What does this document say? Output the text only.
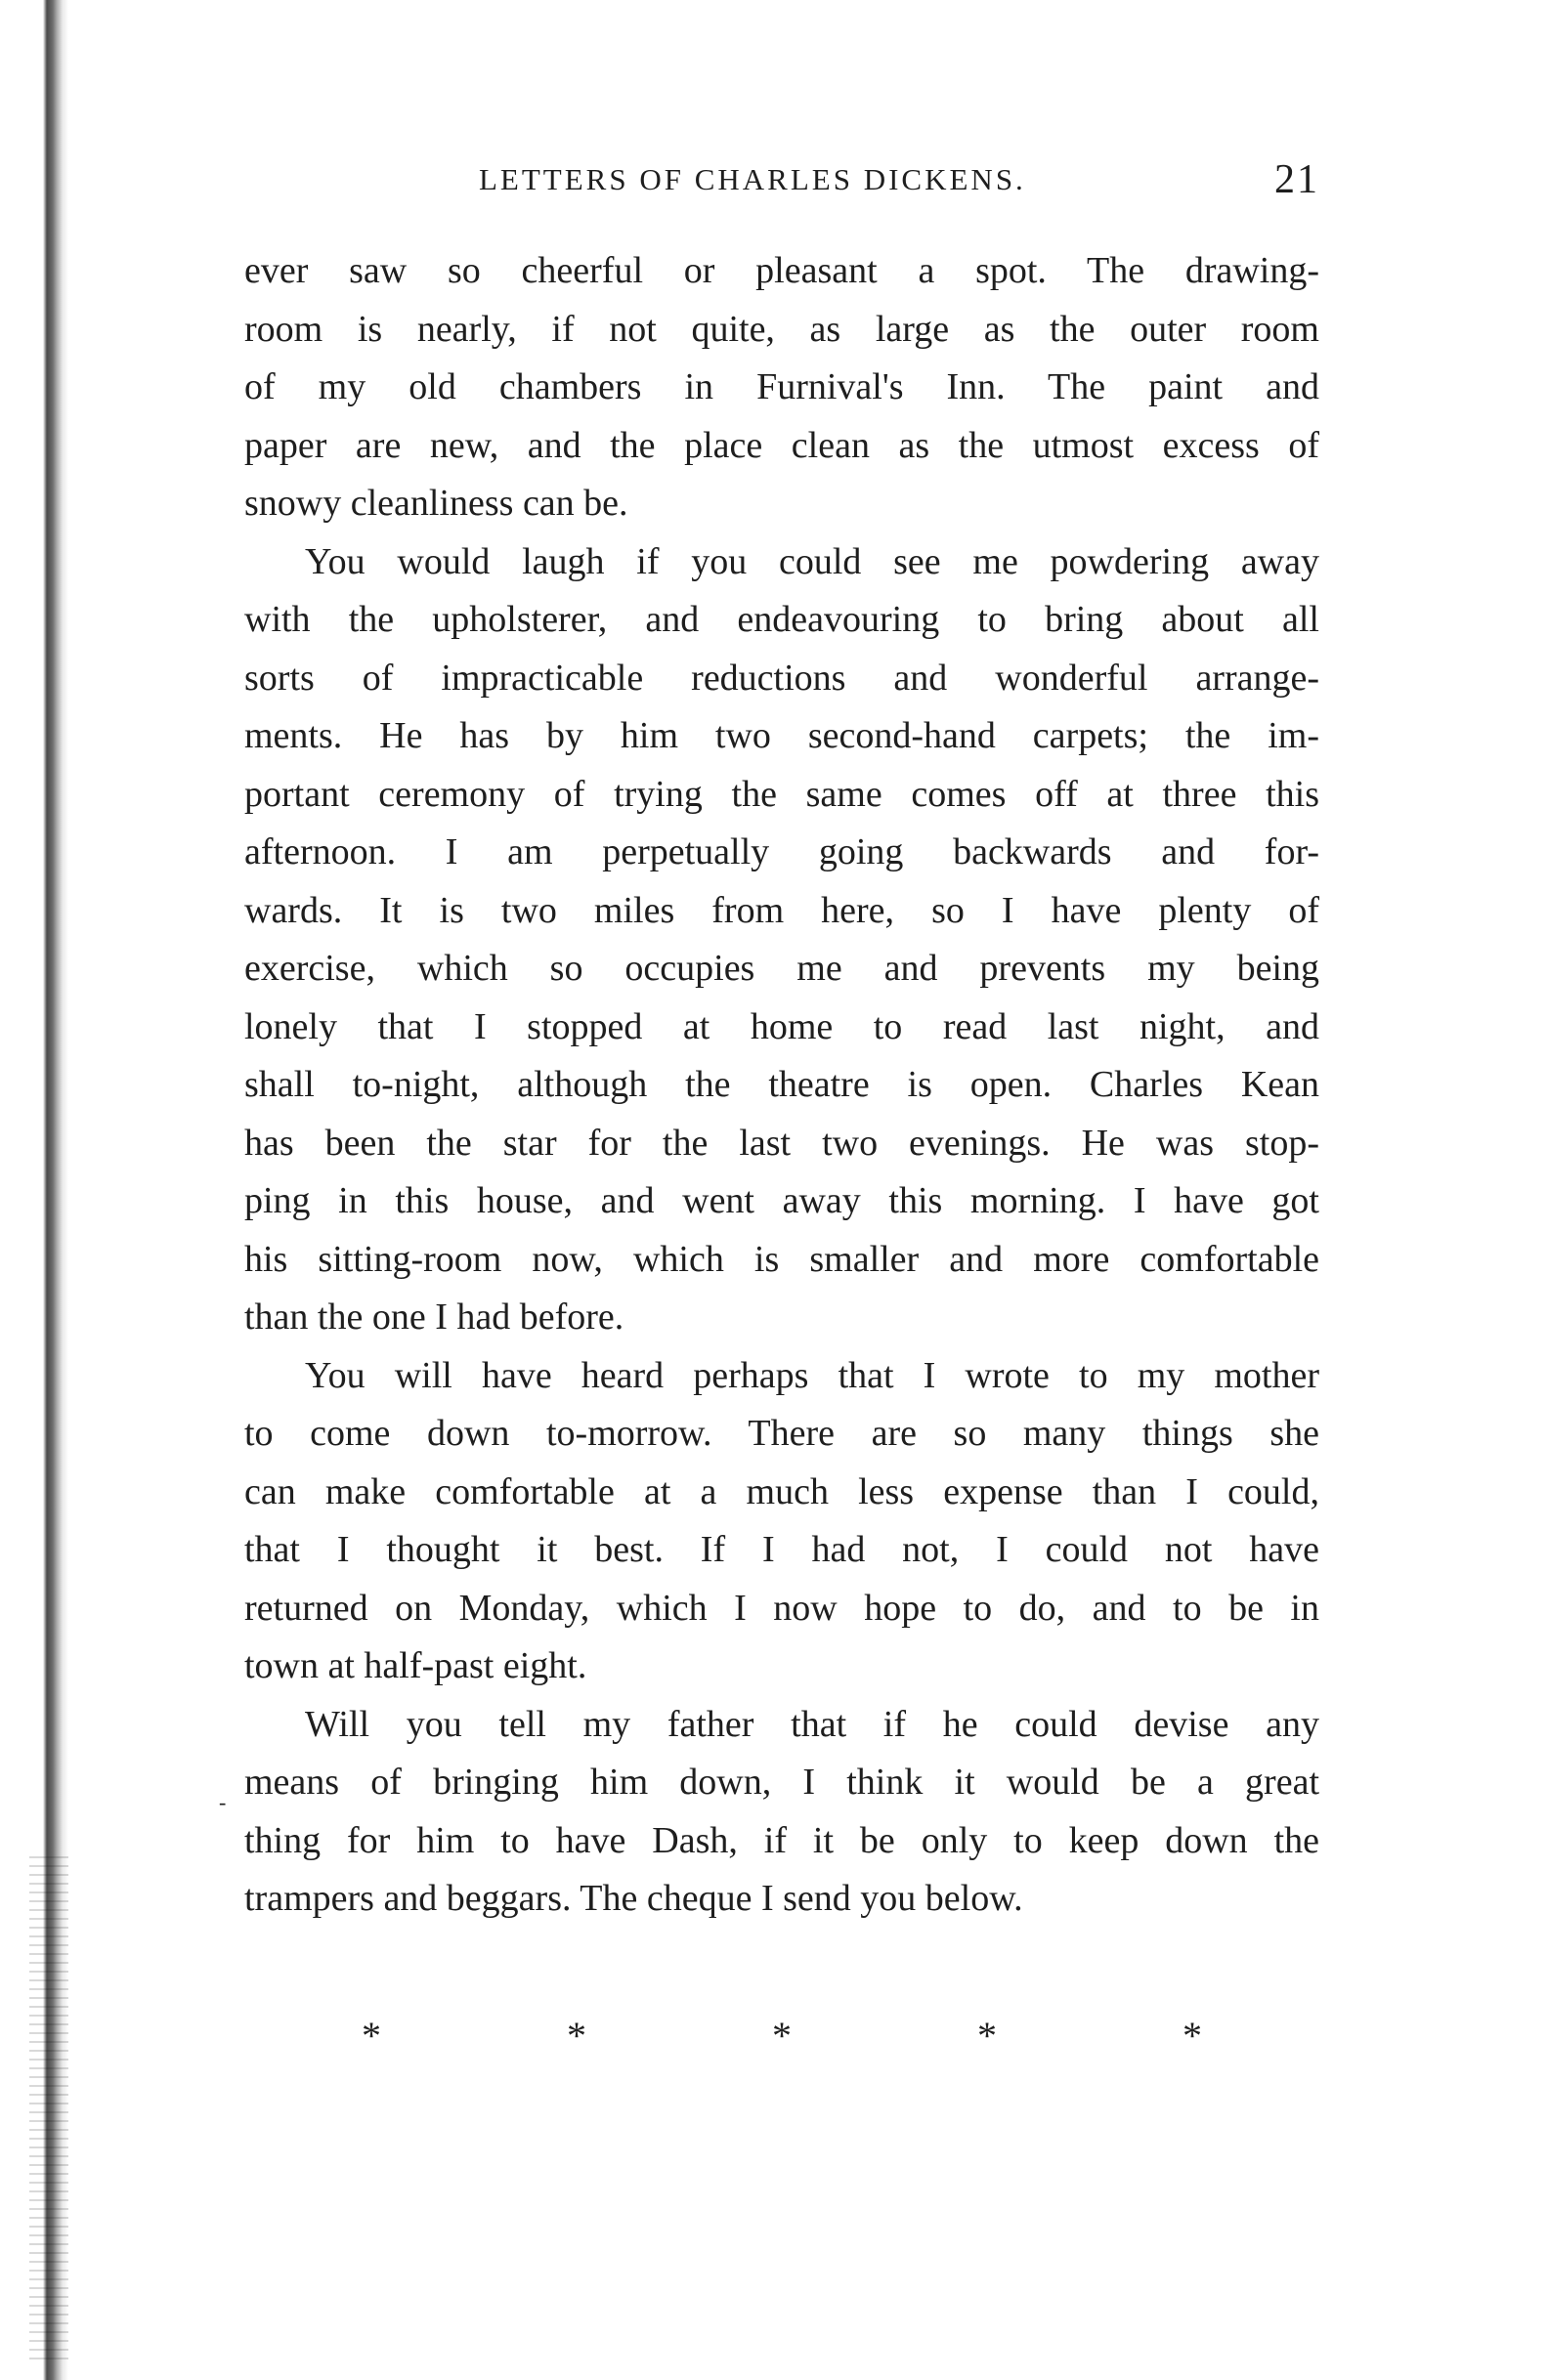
LETTERS OF CHARLES DICKENS.	21
ever saw so cheerful or pleasant a spot. The drawing-
room is nearly, if not quite, as large as the outer room
of my old chambers in Furnival's Inn. The paint and
paper are new, and the place clean as the utmost excess of
snowy cleanliness can be.
You would laugh if you could see me powdering away
with the upholsterer, and endeavouring to bring about all
sorts of impracticable reductions and wonderful arrange-
ments. He has by him two second-hand carpets; the im-
portant ceremony of trying the same comes off at three this
afternoon. I am perpetually going backwards and for-
wards. It is two miles from here, so I have plenty of
exercise, which so occupies me and prevents my being
lonely that I stopped at home to read last night, and
shall to-night, although the theatre is open. Charles Kean
has been the star for the last two evenings. He was stop-
ping in this house, and went away this morning. I have got
his sitting-room now, which is smaller and more comfortable
than the one I had before.
You will have heard perhaps that I wrote to my mother
to come down to-morrow. There are so many things she
can make comfortable at a much less expense than I could,
that I thought it best. If I had not, I could not have
returned on Monday, which I now hope to do, and to be in
town at half-past eight.
Will you tell my father that if he could devise any
means of bringing him down, I think it would be a great
thing for him to have Dash, if it be only to keep down the
trampers and beggars. The cheque I send you below.
-
*	*	*	*	*
